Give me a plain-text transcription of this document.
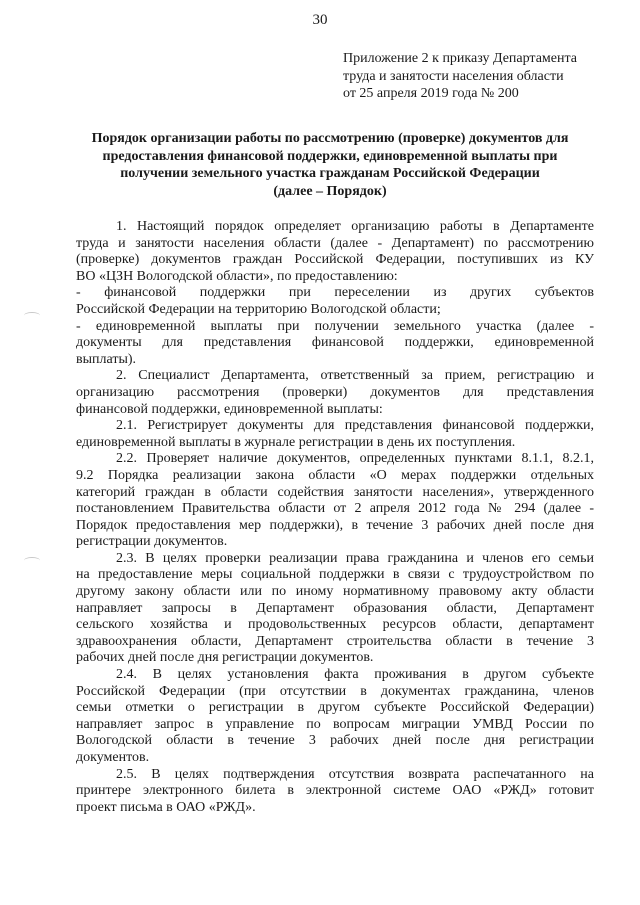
30
Приложение 2 к приказу Департамента
труда и занятости населения области
от 25 апреля 2019 года № 200
Порядок организации работы по рассмотрению (проверке) документов для
предоставления финансовой поддержки, единовременной выплаты при
получении земельного участка гражданам Российской Федерации
(далее – Порядок)
1. Настоящий порядок определяет организацию работы в Департаменте
труда и занятости населения области (далее - Департамент) по рассмотрению
(проверке) документов граждан Российской Федерации, поступивших из КУ
ВО «ЦЗН Вологодской области», по предоставлению:
- финансовой поддержки при переселении из других субъектов
Российской Федерации на территорию Вологодской области;
- единовременной выплаты при получении земельного участка (далее -
документы для представления финансовой поддержки, единовременной
выплаты).
2. Специалист Департамента, ответственный за прием, регистрацию и
организацию рассмотрения (проверки) документов для представления
финансовой поддержки, единовременной выплаты:
2.1. Регистрирует документы для представления финансовой поддержки,
единовременной выплаты в журнале регистрации в день их поступления.
2.2. Проверяет наличие документов, определенных пунктами 8.1.1, 8.2.1,
9.2 Порядка реализации закона области «О мерах поддержки отдельных
категорий граждан в области содействия занятости населения», утвержденного
постановлением Правительства области от 2 апреля 2012 года № 294 (далее -
Порядок предоставления мер поддержки), в течение 3 рабочих дней после дня
регистрации документов.
2.3. В целях проверки реализации права гражданина и членов его семьи
на предоставление меры социальной поддержки в связи с трудоустройством по
другому закону области или по иному нормативному правовому акту области
направляет запросы в Департамент образования области, Департамент
сельского хозяйства и продовольственных ресурсов области, департамент
здравоохранения области, Департамент строительства области в течение 3
рабочих дней после дня регистрации документов.
2.4. В целях установления факта проживания в другом субъекте
Российской Федерации (при отсутствии в документах гражданина, членов
семьи отметки о регистрации в другом субъекте Российской Федерации)
направляет запрос в управление по вопросам миграции УМВД России по
Вологодской области в течение 3 рабочих дней после дня регистрации
документов.
2.5. В целях подтверждения отсутствия возврата распечатанного на
принтере электронного билета в электронной системе ОАО «РЖД» готовит
проект письма в ОАО «РЖД».
